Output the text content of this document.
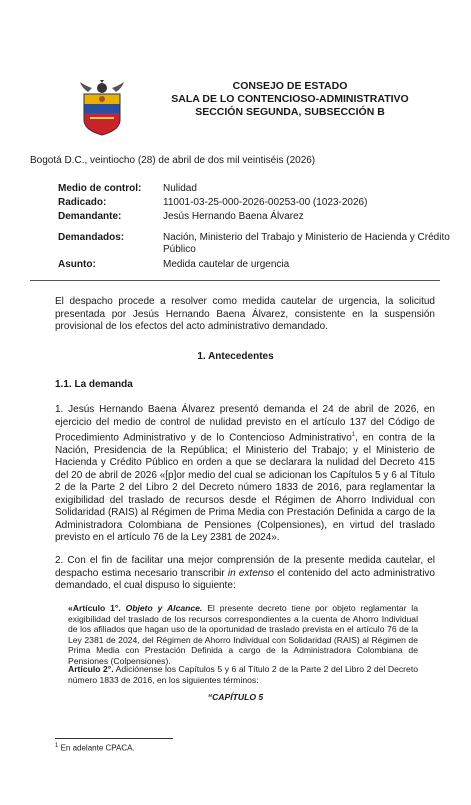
CONSEJO DE ESTADO
SALA DE LO CONTENCIOSO-ADMINISTRATIVO
SECCIÓN SEGUNDA, SUBSECCIÓN B
Bogotá D.C., veintiocho (28) de abril de dos mil veintiséis (2026)
Medio de control: Nulidad
Radicado:	11001-03-25-000-2026-00253-00 (1023-2026)
Demandante:	Jesús Hernando Baena Álvarez
Demandados:	Nación, Ministerio del Trabajo y Ministerio de Hacienda y Crédito Público
Asunto:	Medida cautelar de urgencia
El despacho procede a resolver como medida cautelar de urgencia, la solicitud presentada por Jesús Hernando Baena Álvarez, consistente en la suspensión provisional de los efectos del acto administrativo demandado.
1. Antecedentes
1.1. La demanda
1. Jesús Hernando Baena Álvarez presentó demanda el 24 de abril de 2026, en ejercicio del medio de control de nulidad previsto en el artículo 137 del Código de Procedimiento Administrativo y de lo Contencioso Administrativo$^1$, en contra de la Nación, Presidencia de la República; el Ministerio del Trabajo; y el Ministerio de Hacienda y Crédito Público en orden a que se declarara la nulidad del Decreto 415 del 20 de abril de 2026 «[p]or medio del cual se adicionan los Capítulos 5 y 6 al Título 2 de la Parte 2 del Libro 2 del Decreto número 1833 de 2016, para reglamentar la exigibilidad del traslado de recursos desde el Régimen de Ahorro Individual con Solidaridad (RAIS) al Régimen de Prima Media con Prestación Definida a cargo de la Administradora Colombiana de Pensiones (Colpensiones), en virtud del traslado previsto en el artículo 76 de la Ley 2381 de 2024».
2. Con el fin de facilitar una mejor comprensión de la presente medida cautelar, el despacho estima necesario transcribir in extenso el contenido del acto administrativo demandado, el cual dispuso lo siguiente:
«Artículo 1°. Objeto y Alcance. El presente decreto tiene por objeto reglamentar la exigibilidad del traslado de los recursos correspondientes a la cuenta de Ahorro Individual de los afiliados que hagan uso de la oportunidad de traslado prevista en el artículo 76 de la Ley 2381 de 2024, del Régimen de Ahorro Individual con Solidaridad (RAIS) al Régimen de Prima Media con Prestación Definida a cargo de la Administradora Colombiana de Pensiones (Colpensiones).
Artículo 2°. Adiciónense los Capítulos 5 y 6 al Título 2 de la Parte 2 del Libro 2 del Decreto número 1833 de 2016, en los siguientes términos:
“CAPÍTULO 5
$^1$ En adelante CPACA.
